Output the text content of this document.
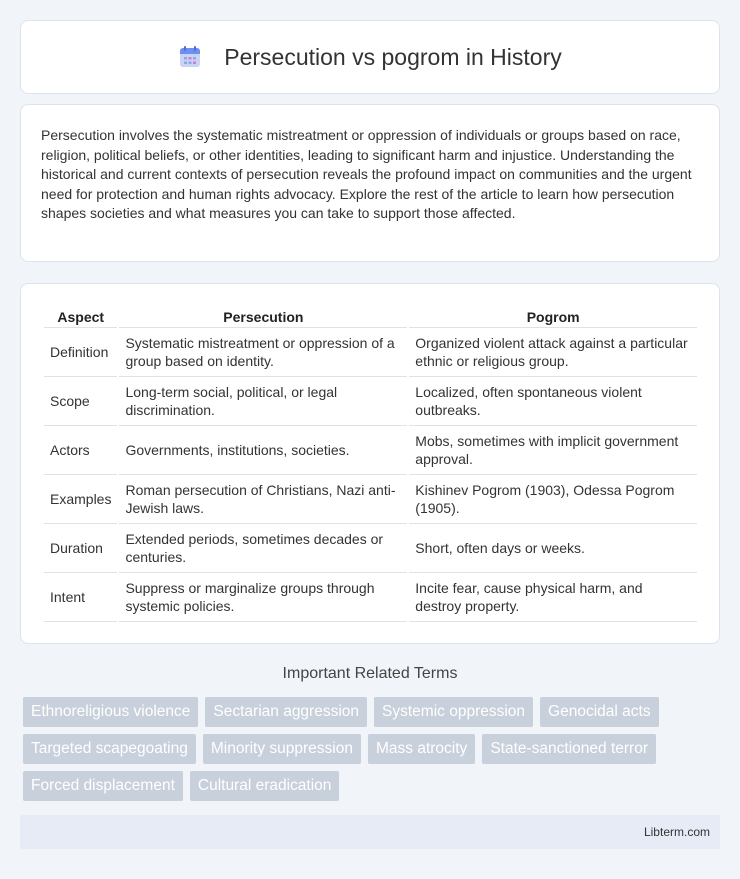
Persecution vs pogrom in History

Persecution involves the systematic mistreatment or oppression of individuals or groups based on race, religion, political beliefs, or other identities, leading to significant harm and injustice. Understanding the historical and current contexts of persecution reveals the profound impact on communities and the urgent need for protection and human rights advocacy. Explore the rest of the article to learn how persecution shapes societies and what measures you can take to support those affected.

Aspect	Persecution	Pogrom
Definition	Systematic mistreatment or oppression of a group based on identity.	Organized violent attack against a particular ethnic or religious group.
Scope	Long-term social, political, or legal discrimination.	Localized, often spontaneous violent outbreaks.
Actors	Governments, institutions, societies.	Mobs, sometimes with implicit government approval.
Examples	Roman persecution of Christians, Nazi anti-Jewish laws.	Kishinev Pogrom (1903), Odessa Pogrom (1905).
Duration	Extended periods, sometimes decades or centuries.	Short, often days or weeks.
Intent	Suppress or marginalize groups through systemic policies.	Incite fear, cause physical harm, and destroy property.
Important Related Terms
Ethnoreligious violence	Sectarian aggression	Systemic oppression	Genocidal acts
Targeted scapegoating	Minority suppression	Mass atrocity	State-sanctioned terror
Forced displacement	Cultural eradication
Libterm.com
